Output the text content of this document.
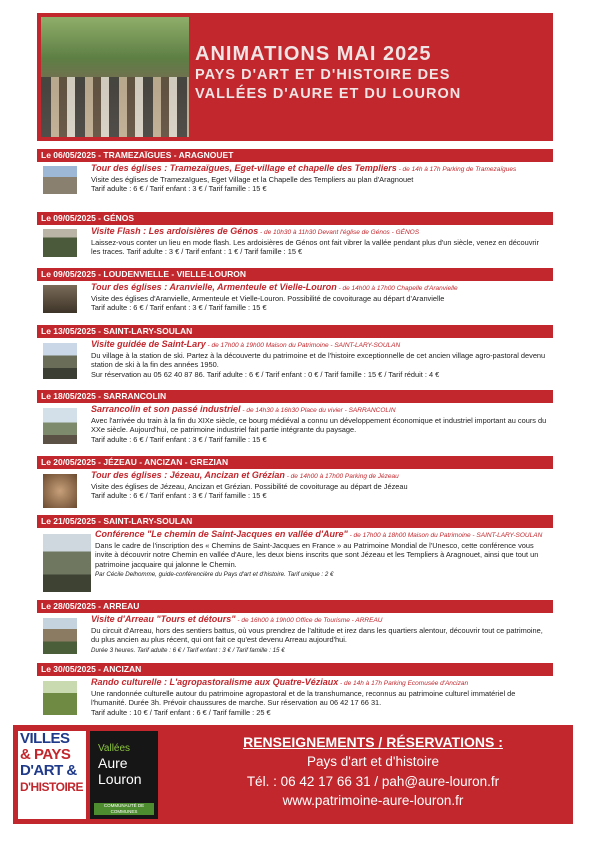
ANIMATIONS MAI 2025
PAYS D'ART ET D'HISTOIRE DES
VALLÉES D'AURE ET DU LOURON
Le 06/05/2025 - TRAMEZAÏGUES - ARAGNOUET
Tour des églises : Tramezaïgues, Eget-village et chapelle des Templiers - de 14h à 17h Parking de Tramezaïgues
Visite des églises de Tramezaïgues, Eget Village et la Chapelle des Templiers au plan d'Aragnouet
Tarif adulte : 6 € / Tarif enfant : 3 € / Tarif famille : 15 €
Le 09/05/2025 - GÉNOS
Visite Flash : Les ardoisières de Génos - de 10h30 à 11h30 Devant l'église de Génos - GÉNOS
Laissez-vous conter un lieu en mode flash. Les ardoisières de Génos ont fait vibrer la vallée pendant plus d'un siècle, venez en découvrir les traces. Tarif adulte : 3 € / Tarif enfant : 1 € / Tarif famille : 15 €
Le 09/05/2025 - LOUDENVIELLE - VIELLE-LOURON
Tour des églises : Aranvielle, Armenteule et Vielle-Louron - de 14h00 à 17h00 Chapelle d'Aranvielle
Visite des églises d'Aranvielle, Armenteule et Vielle-Louron. Possibilité de covoiturage au départ d'Aranvielle
Tarif adulte : 6 € / Tarif enfant : 3 € / Tarif famille : 15 €
Le 13/05/2025 - SAINT-LARY-SOULAN
Visite guidée de Saint-Lary - de 17h00 à 19h00 Maison du Patrimoine - SAINT-LARY-SOULAN
Du village à la station de ski. Partez à la découverte du patrimoine et de l'histoire exceptionnelle de cet ancien village agro-pastoral devenu station de ski à la fin des années 1950.
Sur réservation au 05 62 40 87 86. Tarif adulte : 6 € / Tarif enfant : 0 € / Tarif famille : 15 € / Tarif réduit : 4 €
Le 18/05/2025 - SARRANCOLIN
Sarrancolin et son passé industriel - de 14h30 à 16h30 Place du vivier - SARRANCOLIN
Avec l'arrivée du train à la fin du XIXe siècle, ce bourg médiéval a connu un développement économique et industriel important au cours du XXe siècle. Aujourd'hui, ce patrimoine industriel fait partie intégrante du paysage.
Tarif adulte : 6 € / Tarif enfant : 3 € / Tarif famille : 15 €
Le 20/05/2025 - JÉZEAU - ANCIZAN - GREZIAN
Tour des églises : Jézeau, Ancizan et Grézian - de 14h00 à 17h00 Parking de Jézeau
Visite des églises de Jézeau, Ancizan et Grézian. Possibilité de covoiturage au départ de Jézeau
Tarif adulte : 6 € / Tarif enfant : 3 € / Tarif famille : 15 €
Le 21/05/2025 - SAINT-LARY-SOULAN
Conférence "Le chemin de Saint-Jacques en vallée d'Aure" - de 17h00 à 18h00 Maison du Patrimoine - SAINT-LARY-SOULAN
Dans le cadre de l'inscription des « Chemins de Saint-Jacques en France » au Patrimoine Mondial de l'Unesco, cette conférence vous invite à découvrir notre Chemin en vallée d'Aure, les deux biens inscrits que sont Jézeau et les Templiers à Aragnouet, ainsi que tout un patrimoine jacquaire qui jalonne le Chemin.
Par Cécile Delhomme, guide-conférencière du Pays d'art et d'histoire. Tarif unique : 2 €
Le 28/05/2025 - ARREAU
Visite d'Arreau "Tours et détours" - de 16h00 à 19h00 Office de Tourisme - ARREAU
Du circuit d'Arreau, hors des sentiers battus, où vous prendrez de l'altitude et irez dans les quartiers alentour, découvrir tout ce patrimoine, du plus ancien au plus récent, qui ont fait ce qu'est devenu Arreau aujourd'hui.
Durée 3 heures. Tarif adulte : 6 € / Tarif enfant : 3 € / Tarif famille : 15 €
Le 30/05/2025 - ANCIZAN
Rando culturelle : L'agropastoralisme aux Quatre-Véziaux - de 14h à 17h Parking Ecomusée d'Ancizan
Une randonnée culturelle autour du patrimoine agropastoral et de la transhumance, reconnus au patrimoine culturel immatériel de l'humanité. Durée 3h. Prévoir chaussures de marche. Sur réservation au 06 42 17 66 31.
Tarif adulte : 10 € / Tarif enfant : 6 € / Tarif famille : 25 €
VILLES
& PAYS
D'ART &
D'HISTOIRE
Vallées
Aure
Louron
COMMUNAUTÉ DE COMMUNES
RENSEIGNEMENTS / RÉSERVATIONS :
Pays d'art et d'histoire
Tél. : 06 42 17 66 31 / pah@aure-louron.fr
www.patrimoine-aure-louron.fr
